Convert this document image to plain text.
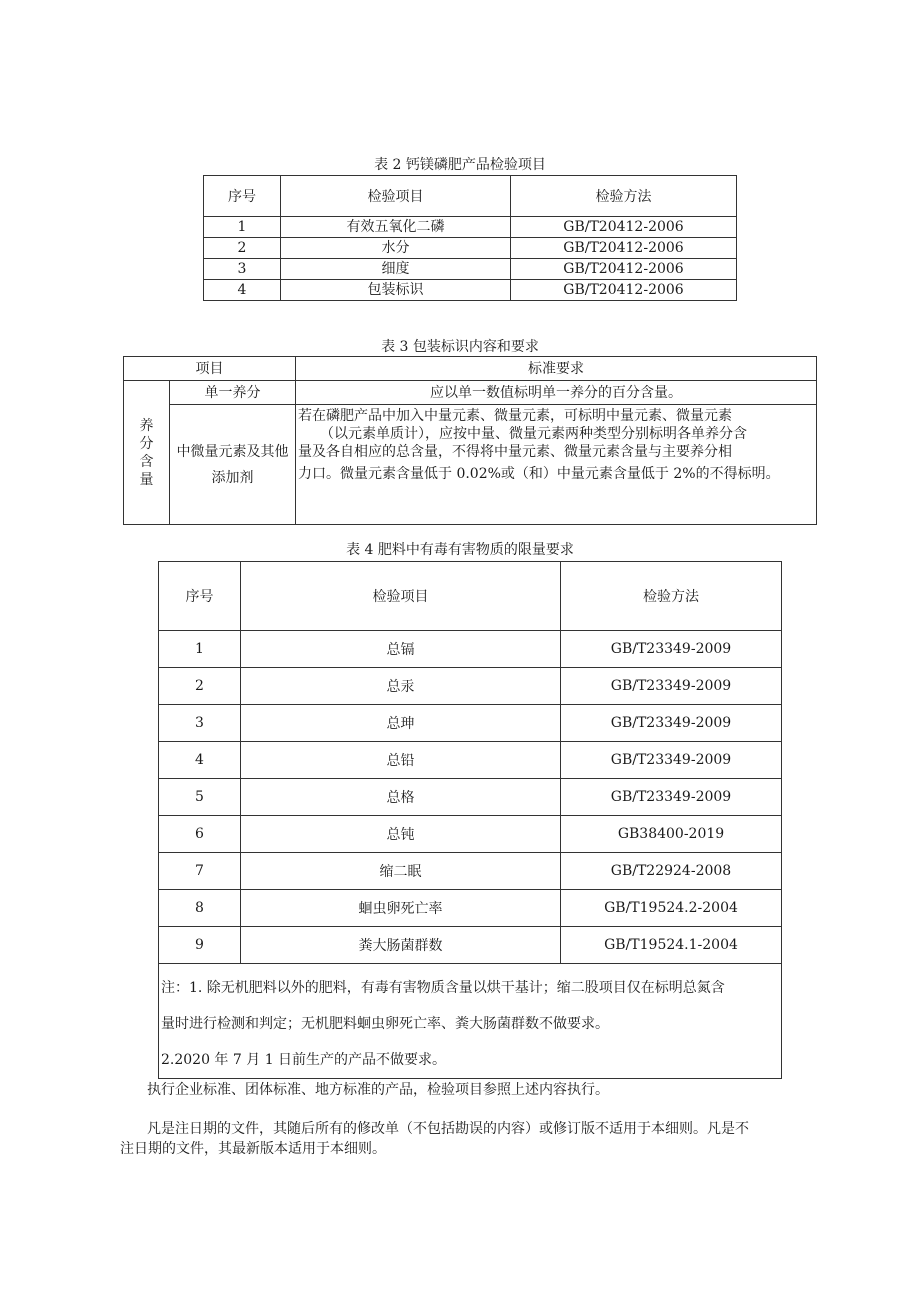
表 2 钙镁磷肥产品检验项目
序号	检验项目	检验方法
1	有效五氧化二磷	GB/T20412-2006
2	水分	GB/T20412-2006
3	细度	GB/T20412-2006
4	包装标识	GB/T20412-2006
表 3 包装标识内容和要求
项目		标准要求

养
分
含
量	单一养分	应以单一数值标明单一养分的百分含量。
	中微量元素及其他添加剂	若在磷肥产品中加入中量元素、微量元素，可标明中量元素、微量元素
（以元素单质计），应按中量、微量元素两种类型分别标明各单养分含
量及各自相应的总含量，不得将中量元素、微量元素含量与主要养分相
力口。微量元素含量低于 0.02%或（和）中量元素含量低于 2%的不得标明。
表 4 肥料中有毒有害物质的限量要求
序号	检验项目	检验方法
1	总镉	GB/T23349-2009
2	总汞	GB/T23349-2009
3	总珅	GB/T23349-2009
4	总铅	GB/T23349-2009
5	总格	GB/T23349-2009
6	总钝	GB38400-2019
7	缩二眠	GB/T22924-2008
8	蛔虫卵死亡率	GB/T19524.2-2004
9	粪大肠菌群数	GB/T19524.1-2004

注：1. 除无机肥料以外的肥料，有毒有害物质含量以烘干基计；缩二股项目仅在标明总氮含
量时进行检测和判定；无机肥料蛔虫卵死亡率、粪大肠菌群数不做要求。
2.2020 年 7 月 1 日前生产的产品不做要求。		
执行企业标准、团体标准、地方标准的产品，检验项目参照上述内容执行。
凡是注日期的文件，其随后所有的修改单（不包括勘误的内容）或修订版不适用于本细则。凡是不
注日期的文件，其最新版本适用于本细则。
